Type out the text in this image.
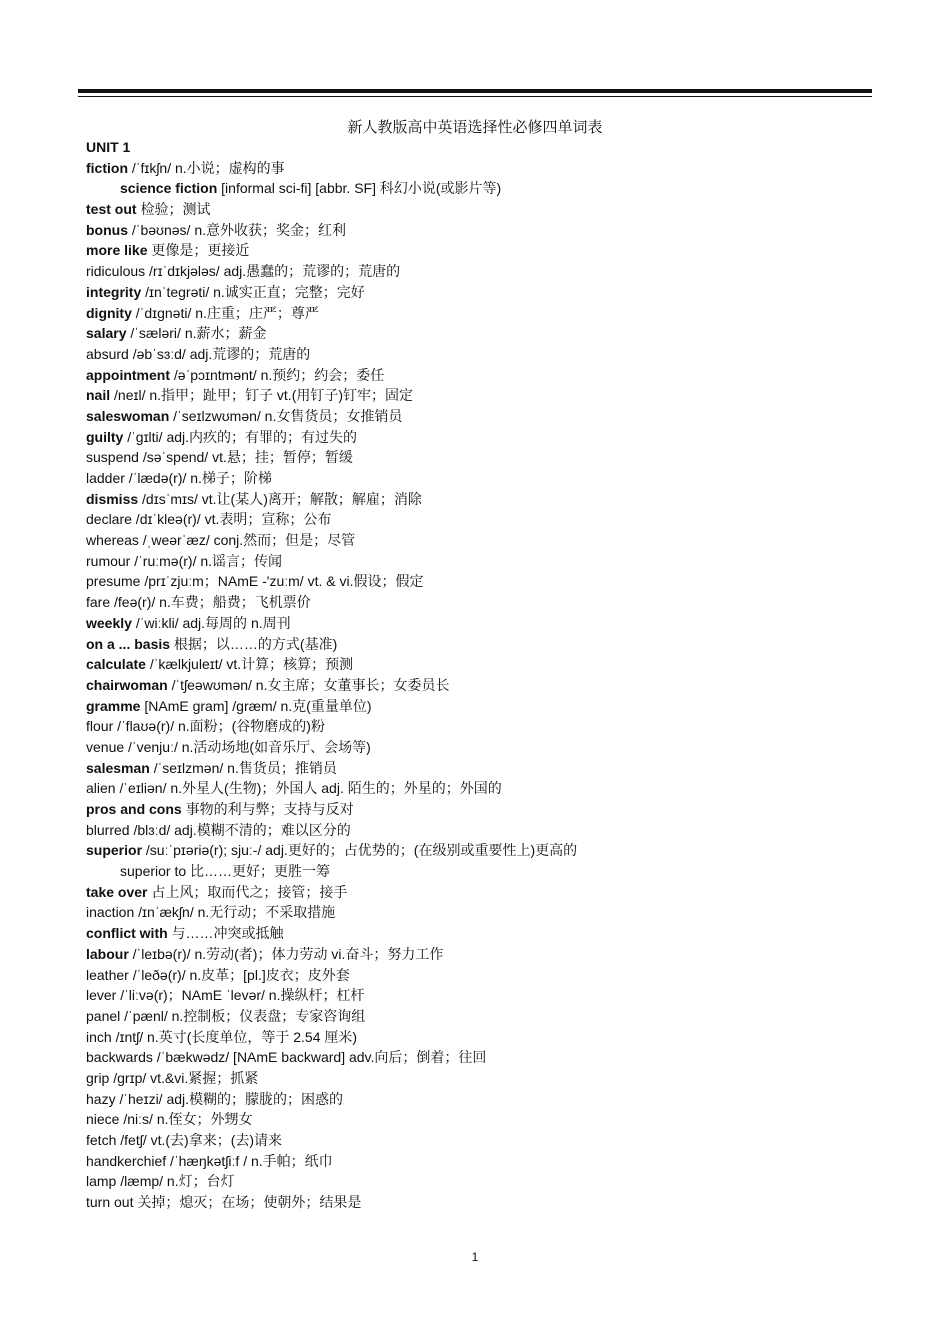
新人教版高中英语选择性必修四单词表
UNIT 1
fiction /ˈfɪkʃn/ n.小说；虚构的事
science fiction [informal sci-fi] [abbr. SF] 科幻小说(或影片等)
test out 检验；测试
bonus /ˈbəʊnəs/ n.意外收获；奖金；红利
more like 更像是；更接近
ridiculous /rɪˈdɪkjələs/ adj.愚蠢的；荒谬的；荒唐的
integrity /ɪnˈteɡrəti/ n.诚实正直；完整；完好
dignity /ˈdɪɡnəti/ n.庄重；庄严；尊严
salary /ˈsæləri/ n.薪水；薪金
absurd /əbˈsɜːd/ adj.荒谬的；荒唐的
appointment /əˈpɔɪntmənt/ n.预约；约会；委任
nail /neɪl/ n.指甲；趾甲；钉子 vt.(用钉子)钉牢；固定
saleswoman /ˈseɪlzwʊmən/ n.女售货员；女推销员
guilty /ˈɡɪlti/ adj.内疚的；有罪的；有过失的
suspend /səˈspend/ vt.悬；挂；暂停；暂缓
ladder /ˈlædə(r)/ n.梯子；阶梯
dismiss /dɪsˈmɪs/ vt.让(某人)离开；解散；解雇；消除
declare /dɪˈkleə(r)/ vt.表明；宣称；公布
whereas /ˌweərˈæz/ conj.然而；但是；尽管
rumour /ˈruːmə(r)/ n.谣言；传闻
presume /prɪˈzjuːm；NAmE -'zuːm/ vt. & vi.假设；假定
fare /feə(r)/ n.车费；船费；飞机票价
weekly /ˈwiːkli/ adj.每周的 n.周刊
on a ... basis 根据；以……的方式(基准)
calculate /ˈkælkjuleɪt/ vt.计算；核算；预测
chairwoman /ˈtʃeəwʊmən/ n.女主席；女董事长；女委员长
gramme [NAmE gram] /ɡræm/ n.克(重量单位)
flour /ˈflaʊə(r)/ n.面粉；(谷物磨成的)粉
venue /ˈvenjuː/ n.活动场地(如音乐厅、会场等)
salesman /ˈseɪlzmən/ n.售货员；推销员
alien /ˈeɪliən/ n.外星人(生物)；外国人 adj. 陌生的；外星的；外国的
pros and cons 事物的利与弊；支持与反对
blurred /blɜːd/ adj.模糊不清的；难以区分的
superior /suːˈpɪəriə(r); sjuː-/ adj.更好的；占优势的；(在级别或重要性上)更高的
superior to 比……更好；更胜一筹
take over 占上风；取而代之；接管；接手
inaction /ɪnˈækʃn/ n.无行动；不采取措施
conflict with 与……冲突或抵触
labour /ˈleɪbə(r)/ n.劳动(者)；体力劳动 vi.奋斗；努力工作
leather /ˈleðə(r)/ n.皮革；[pl.]皮衣；皮外套
lever /ˈliːvə(r)；NAmE ˈlevər/ n.操纵杆；杠杆
panel /ˈpænl/ n.控制板；仪表盘；专家咨询组
inch /ɪntʃ/ n.英寸(长度单位，等于 2.54 厘米)
backwards /ˈbækwədz/ [NAmE backward] adv.向后；倒着；往回
grip /ɡrɪp/ vt.&vi.紧握；抓紧
hazy /ˈheɪzi/ adj.模糊的；朦胧的；困惑的
niece /niːs/ n.侄女；外甥女
fetch /fetʃ/ vt.(去)拿来；(去)请来
handkerchief /ˈhæŋkətʃiːf / n.手帕；纸巾
lamp /læmp/ n.灯；台灯
turn out 关掉；熄灭；在场；使朝外；结果是
1
